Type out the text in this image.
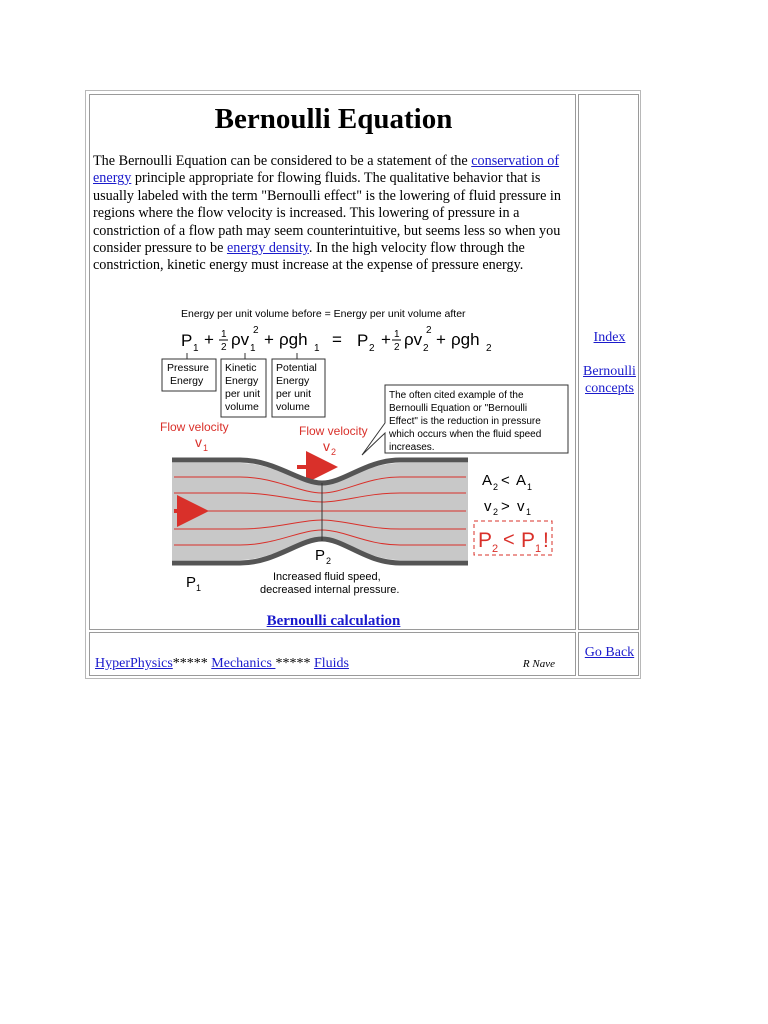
Bernoulli Equation

The Bernoulli Equation can be considered to be a statement of the conservation of energy principle appropriate for flowing fluids. The qualitative behavior that is usually labeled with the term "Bernoulli effect" is the lowering of fluid pressure in regions where the flow velocity is increased. This lowering of pressure in a constriction of a flow path may seem counterintuitive, but seems less so when you consider pressure to be energy density. In the high velocity flow through the constriction, kinetic energy must increase at the expense of pressure energy.

Energy per unit volume before = Energy per unit volume after
P 1 + 1
2 ρv 1
2 + ρgh 1 = P 2 + 1
2 ρv 2
2 + ρgh 2
Pressure
Energy
Kinetic
Energy
per unit
volume
Potential
Energy
per unit
volume
The often cited example of the
Bernoulli Equation or "Bernoulli
Effect" is the reduction in pressure
which occurs when the fluid speed
increases.
Flow velocity
v 1
Flow velocity
v 2
A 2 < A 1
v 2 > v 1
P 2 < P 1 !
P 2
P 1
Increased fluid speed,
decreased internal pressure.
Bernoulli calculation
Index
Bernoulli concepts
HyperPhysics***** Mechanics ***** Fluids	R Nave
Go Back
